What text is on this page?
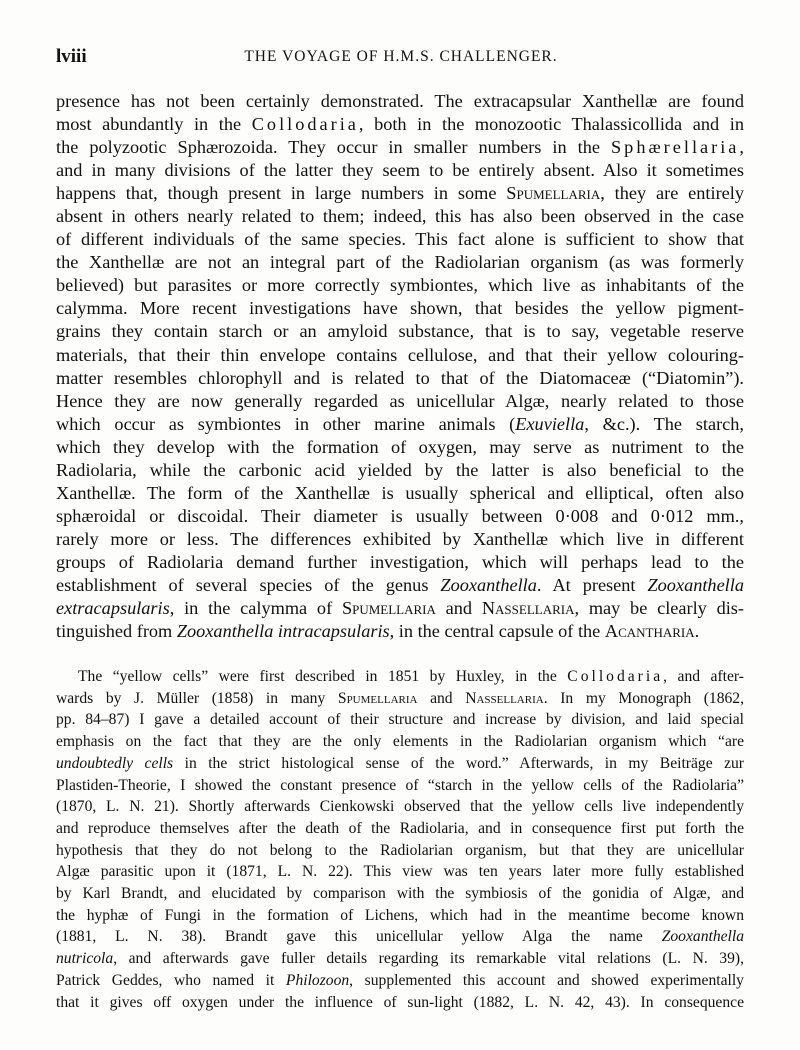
lviii	THE VOYAGE OF H.M.S. CHALLENGER.
presence has not been certainly demonstrated. The extracapsular Xanthellæ are found
most abundantly in the Collodaria, both in the monozootic Thalassicollida and in
the polyzootic Sphærozoida. They occur in smaller numbers in the Sphærellaria,
and in many divisions of the latter they seem to be entirely absent. Also it sometimes
happens that, though present in large numbers in some Spumellaria, they are entirely
absent in others nearly related to them; indeed, this has also been observed in the case
of different individuals of the same species. This fact alone is sufficient to show that
the Xanthellæ are not an integral part of the Radiolarian organism (as was formerly
believed) but parasites or more correctly symbiontes, which live as inhabitants of the
calymma. More recent investigations have shown, that besides the yellow pigment-
grains they contain starch or an amyloid substance, that is to say, vegetable reserve
materials, that their thin envelope contains cellulose, and that their yellow colouring-
matter resembles chlorophyll and is related to that of the Diatomaceæ (“Diatomin”).
Hence they are now generally regarded as unicellular Algæ, nearly related to those
which occur as symbiontes in other marine animals (Exuviella, &c.). The starch,
which they develop with the formation of oxygen, may serve as nutriment to the
Radiolaria, while the carbonic acid yielded by the latter is also beneficial to the
Xanthellæ. The form of the Xanthellæ is usually spherical and elliptical, often also
sphæroidal or discoidal. Their diameter is usually between 0·008 and 0·012 mm.,
rarely more or less. The differences exhibited by Xanthellæ which live in different
groups of Radiolaria demand further investigation, which will perhaps lead to the
establishment of several species of the genus Zooxanthella. At present Zooxanthella
extracapsularis, in the calymma of Spumellaria and Nassellaria, may be clearly dis-
tinguished from Zooxanthella intracapsularis, in the central capsule of the Acantharia.
The “yellow cells” were first described in 1851 by Huxley, in the Collodaria, and after-
wards by J. Müller (1858) in many Spumellaria and Nassellaria. In my Monograph (1862,
pp. 84–87) I gave a detailed account of their structure and increase by division, and laid special
emphasis on the fact that they are the only elements in the Radiolarian organism which “are
undoubtedly cells in the strict histological sense of the word.” Afterwards, in my Beiträge zur
Plastiden-Theorie, I showed the constant presence of “starch in the yellow cells of the Radiolaria”
(1870, L. N. 21). Shortly afterwards Cienkowski observed that the yellow cells live independently
and reproduce themselves after the death of the Radiolaria, and in consequence first put forth the
hypothesis that they do not belong to the Radiolarian organism, but that they are unicellular
Algæ parasitic upon it (1871, L. N. 22). This view was ten years later more fully established
by Karl Brandt, and elucidated by comparison with the symbiosis of the gonidia of Algæ, and
the hyphæ of Fungi in the formation of Lichens, which had in the meantime become known
(1881, L. N. 38). Brandt gave this unicellular yellow Alga the name Zooxanthella
nutricola, and afterwards gave fuller details regarding its remarkable vital relations (L. N. 39),
Patrick Geddes, who named it Philozoon, supplemented this account and showed experimentally
that it gives off oxygen under the influence of sun-light (1882, L. N. 42, 43). In consequence
